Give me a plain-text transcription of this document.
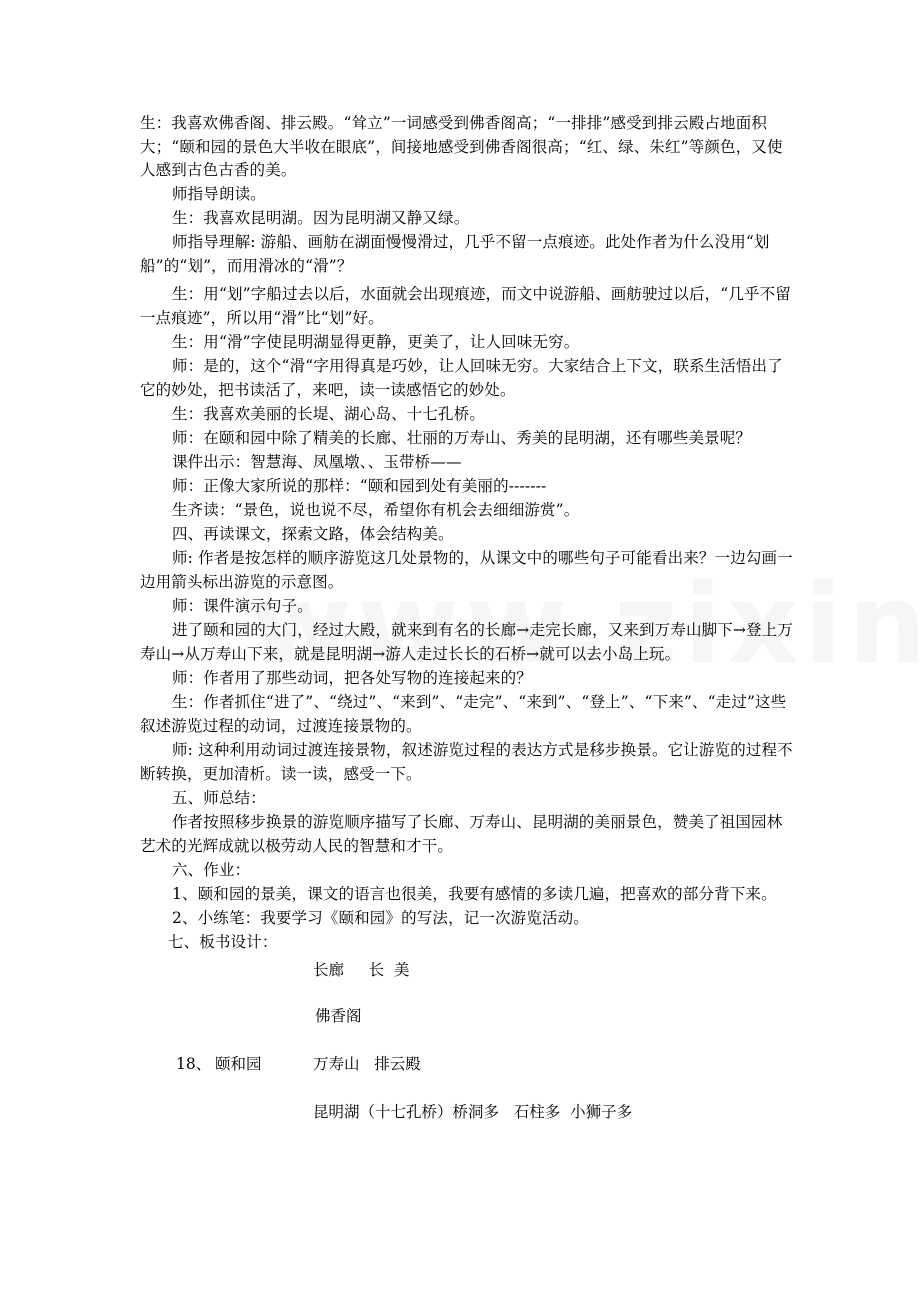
生：我喜欢佛香阁、排云殿。“耸立”一词感受到佛香阁高；“一排排”感受到排云殿占地面积大；“颐和园的景色大半收在眼底”，间接地感受到佛香阁很高；“红、绿、朱红”等颜色，又使人感到古色古香的美。

师指导朗读。

生：我喜欢昆明湖。因为昆明湖又静又绿。

师指导理解: 游船、画舫在湖面慢慢滑过，几乎不留一点痕迹。此处作者为什么没用“划船”的“划”，而用滑冰的“滑”？

生：用“划”字船过去以后，水面就会出现痕迹，而文中说游船、画舫驶过以后，“几乎不留一点痕迹”，所以用“滑”比“划”好。

生：用“滑”字使昆明湖显得更静，更美了，让人回味无穷。

师：是的，这个“滑“字用得真是巧妙，让人回味无穷。大家结合上下文，联系生活悟出了它的妙处，把书读活了，来吧，读一读感悟它的妙处。

生：我喜欢美丽的长堤、湖心岛、十七孔桥。

师：在颐和园中除了精美的长廊、壮丽的万寿山、秀美的昆明湖，还有哪些美景呢？

课件出示：智慧海、凤凰墩、、玉带桥——

师：正像大家所说的那样：“颐和园到处有美丽的-------

生齐读：“景色，说也说不尽，希望你有机会去细细游赏”。

四、再读课文，探索文路，体会结构美。

师: 作者是按怎样的顺序游览这几处景物的，从课文中的哪些句子可能看出来？一边勾画一边用箭头标出游览的示意图。

师：课件演示句子。

进了颐和园的大门，经过大殿，就来到有名的长廊→走完长廊，又来到万寿山脚下→登上万寿山→从万寿山下来，就是昆明湖→游人走过长长的石桥→就可以去小岛上玩。

师：作者用了那些动词，把各处写物的连接起来的？

生：作者抓住“进了”、“绕过”、“来到”、“走完”、“来到”、“登上”、“下来”、“走过”这些叙述游览过程的动词，过渡连接景物的。

师: 这种利用动词过渡连接景物，叙述游览过程的表达方式是移步换景。它让游览的过程不断转换，更加清析。读一读，感受一下。

五、师总结：

作者按照移步换景的游览顺序描写了长廊、万寿山、昆明湖的美丽景色，赞美了祖国园林艺术的光辉成就以极劳动人民的智慧和才干。

六、作业：

1、颐和园的景美，课文的语言也很美，我要有感情的多读几遍，把喜欢的部分背下来。

2、小练笔：我要学习《颐和园》的写法，记一次游览活动。

七、板书设计：

长廊     长  美
佛香阁
18、 颐和园	万寿山   排云殿
昆明湖（十七孔桥）桥洞多   石柱多  小狮子多
